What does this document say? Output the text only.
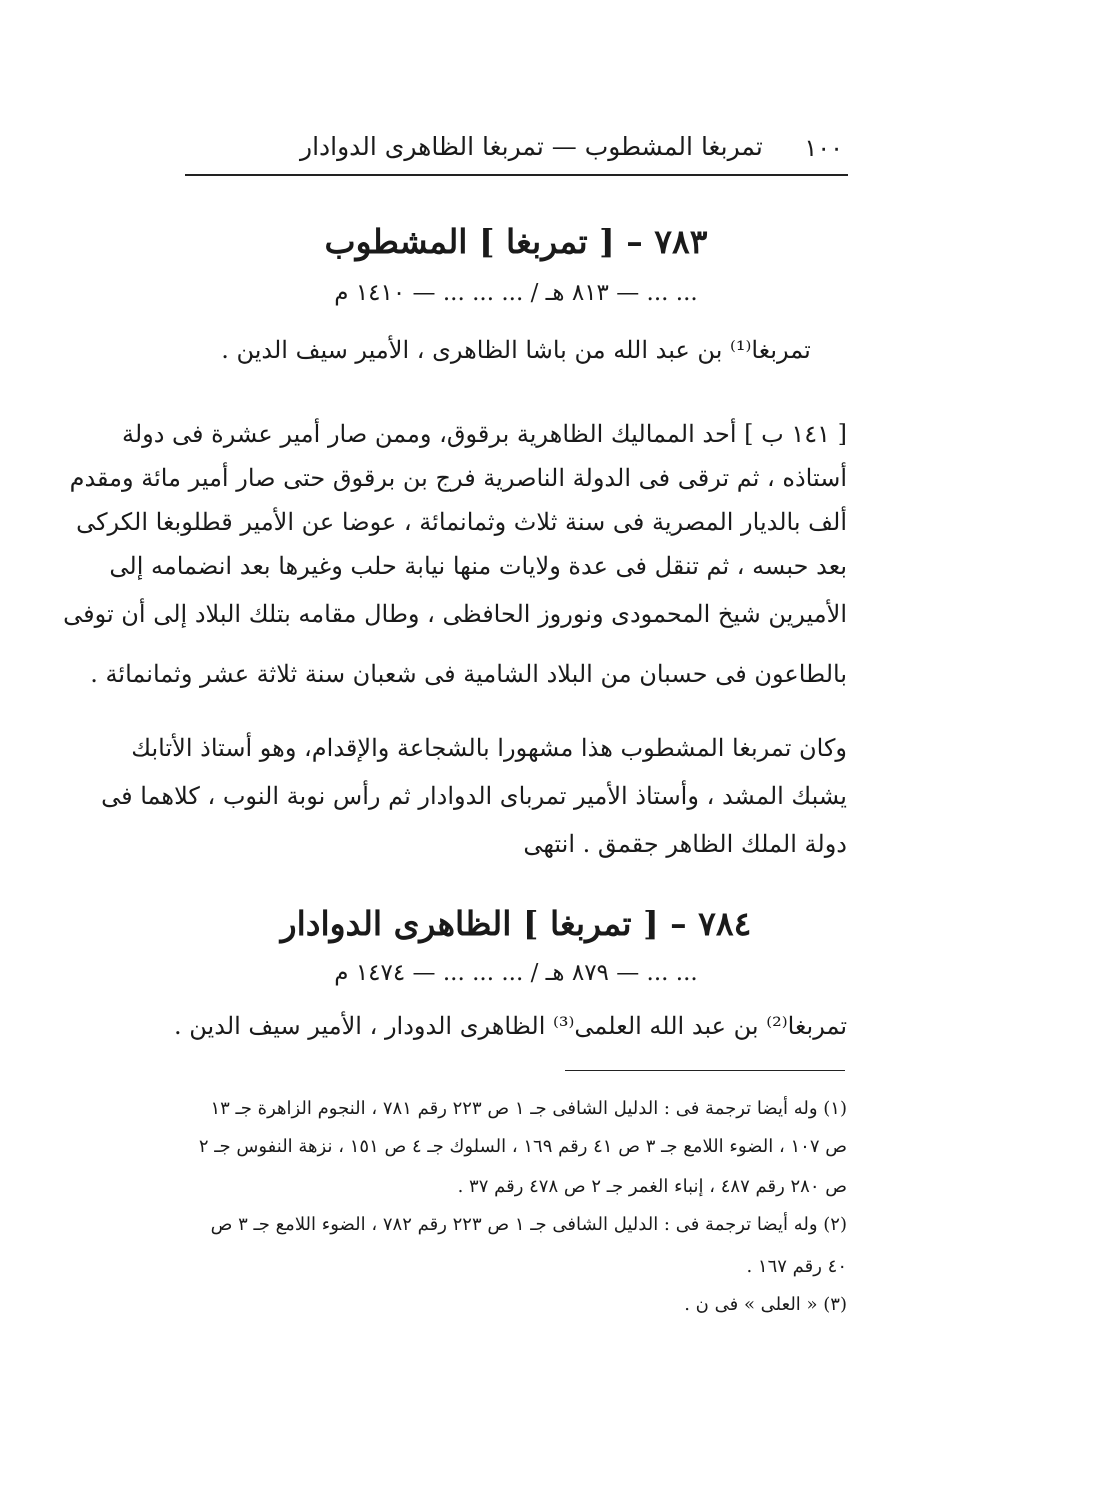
١٠٠
تمربغا المشطوب — تمربغا الظاهرى الدوادار
٧٨٣ – [ تمربغا ] المشطوب
... ... — ٨١٣ هـ / ... ... ... — ١٤١٠ م
تمربغا⁽¹⁾ بن عبد الله من باشا الظاهرى ، الأمير سيف الدين .
[ ١٤١ ب ] أحد المماليك الظاهرية برقوق، وممن صار أمير عشرة فى دولة
أستاذه ، ثم ترقى فى الدولة الناصرية فرج بن برقوق حتى صار أمير مائة ومقدم
ألف بالديار المصرية فى سنة ثلاث وثمانمائة ، عوضا عن الأمير قطلوبغا الكركى
بعد حبسه ، ثم تنقل فى عدة ولايات منها نيابة حلب وغيرها بعد انضمامه إلى
الأميرين شيخ المحمودى ونوروز الحافظى ، وطال مقامه بتلك البلاد إلى أن توفى
بالطاعون فى حسبان من البلاد الشامية فى شعبان سنة ثلاثة عشر وثمانمائة .
وكان تمربغا المشطوب هذا مشهورا بالشجاعة والإقدام، وهو أستاذ الأتابك
يشبك المشد ، وأستاذ الأمير تمرباى الدوادار ثم رأس نوبة النوب ، كلاهما فى
دولة الملك الظاهر جقمق . انتهى
٧٨٤ – [ تمربغا ] الظاهرى الدوادار
... ... — ٨٧٩ هـ / ... ... ... — ١٤٧٤ م
تمربغا⁽²⁾ بن عبد الله العلمى⁽³⁾ الظاهرى الدودار ، الأمير سيف الدين .
(١) وله أيضا ترجمة فى : الدليل الشافى جـ ١ ص ٢٢٣ رقم ٧٨١ ، النجوم الزاهرة جـ ١٣
ص ١٠٧ ، الضوء اللامع جـ ٣ ص ٤١ رقم ١٦٩ ، السلوك جـ ٤ ص ١٥١ ، نزهة النفوس جـ ٢
ص ٢٨٠ رقم ٤٨٧ ، إنباء الغمر جـ ٢ ص ٤٧٨ رقم ٣٧ .
(٢) وله أيضا ترجمة فى : الدليل الشافى جـ ١ ص ٢٢٣ رقم ٧٨٢ ، الضوء اللامع جـ ٣ ص
٤٠ رقم ١٦٧ .
(٣) « العلى » فى ن .
